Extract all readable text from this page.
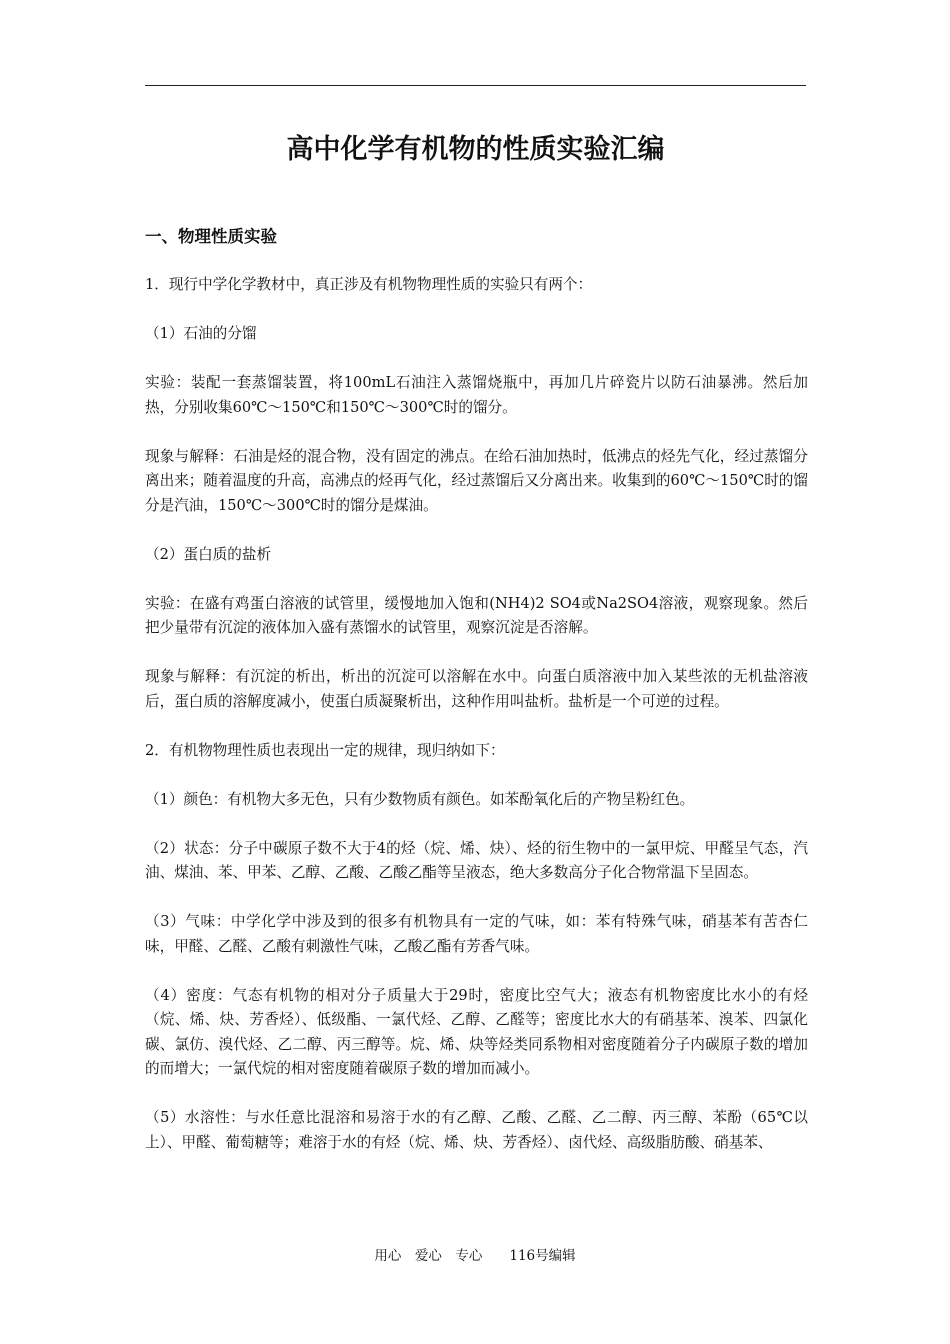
高中化学有机物的性质实验汇编
一、物理性质实验

1．现行中学化学教材中，真正涉及有机物物理性质的实验只有两个：

（1）石油的分馏

实验：装配一套蒸馏装置，将100mL石油注入蒸馏烧瓶中，再加几片碎瓷片以防石油暴沸。然后加热，分别收集60℃～150℃和150℃～300℃时的馏分。

现象与解释：石油是烃的混合物，没有固定的沸点。在给石油加热时，低沸点的烃先气化，经过蒸馏分离出来；随着温度的升高，高沸点的烃再气化，经过蒸馏后又分离出来。收集到的60℃～150℃时的馏分是汽油，150℃～300℃时的馏分是煤油。

（2）蛋白质的盐析

实验：在盛有鸡蛋白溶液的试管里，缓慢地加入饱和(NH4)2 SO4或Na2SO4溶液，观察现象。然后把少量带有沉淀的液体加入盛有蒸馏水的试管里，观察沉淀是否溶解。

现象与解释：有沉淀的析出，析出的沉淀可以溶解在水中。向蛋白质溶液中加入某些浓的无机盐溶液后，蛋白质的溶解度减小，使蛋白质凝聚析出，这种作用叫盐析。盐析是一个可逆的过程。

2．有机物物理性质也表现出一定的规律，现归纳如下：

（1）颜色：有机物大多无色，只有少数物质有颜色。如苯酚氧化后的产物呈粉红色。

（2）状态：分子中碳原子数不大于4的烃（烷、烯、炔）、烃的衍生物中的一氯甲烷、甲醛呈气态，汽油、煤油、苯、甲苯、乙醇、乙酸、乙酸乙酯等呈液态，绝大多数高分子化合物常温下呈固态。

（3）气味：中学化学中涉及到的很多有机物具有一定的气味，如：苯有特殊气味，硝基苯有苦杏仁味，甲醛、乙醛、乙酸有刺激性气味，乙酸乙酯有芳香气味。

（4）密度：气态有机物的相对分子质量大于29时，密度比空气大；液态有机物密度比水小的有烃（烷、烯、炔、芳香烃）、低级酯、一氯代烃、乙醇、乙醛等；密度比水大的有硝基苯、溴苯、四氯化碳、氯仿、溴代烃、乙二醇、丙三醇等。烷、烯、炔等烃类同系物相对密度随着分子内碳原子数的增加的而增大；一氯代烷的相对密度随着碳原子数的增加而减小。

（5）水溶性：与水任意比混溶和易溶于水的有乙醇、乙酸、乙醛、乙二醇、丙三醇、苯酚（65℃以上）、甲醛、葡萄糖等；难溶于水的有烃（烷、烯、炔、芳香烃）、卤代烃、高级脂肪酸、硝基苯、

用心　爱心　专心　　116号编辑
